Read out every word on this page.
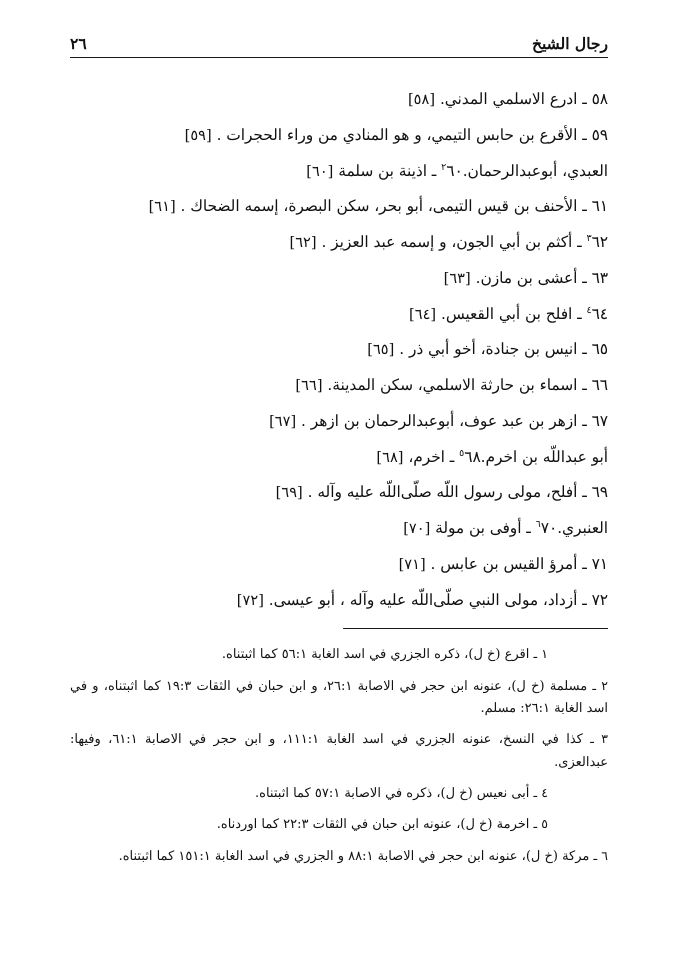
رجال الشيخ
٢٦
٥٨ ـ ادرع الاسلمي المدني. [٥٨]
٥٩ ـ الأقرع بن حابس التيمي، و هو المنادي من وراء الحجرات . [٥٩]
العبدي، أبوعبدالرحمان.$^٢$٦٠ ـ اذينة بن سلمة [٦٠]
٦١ ـ الأحنف بن قيس التيمى، أبو بحر، سكن البصرة، إسمه الضحاك . [٦١]
$^٣$٦٢ ـ أكثم بن أبي الجون، و إسمه عبد العزيز . [٦٢]
٦٣ ـ أعشى بن مازن. [٦٣]
$^٤$٦٤ ـ افلح بن أبي القعيس. [٦٤]
٦٥ ـ انيس بن جنادة، أخو أبي ذر . [٦٥]
٦٦ ـ اسماء بن حارثة الاسلمي، سكن المدينة. [٦٦]
٦٧ ـ ازهر بن عبد عوف، أبوعبدالرحمان بن ازهر . [٦٧]
أبو عبداللّه بن اخرم.$^٥$٦٨ ـ اخرم، [٦٨]
٦٩ ـ أفلح، مولى رسول اللّه صلّى‌اللّه عليه وآله . [٦٩]
العنبري.$^٦$٧٠ ـ أوفى بن مولة [٧٠]
٧١ ـ أمرؤ القيس بن عابس . [٧١]
٧٢ ـ أزداد، مولى النبي صلّى‌اللّه عليه وآله ، أبو عيسى. [٧٢]
١ ـ اقرع (خ ل)، ذكره الجزري في اسد الغابة ٥٦:١ كما اثبتناه.
٢ ـ مسلمة (خ ل)، عنونه ابن حجر في الاصابة ٢٦:١، و ابن حبان في الثقات ١٩:٣ كما اثبتناه، و في اسد الغابة ٢٦:١: مسلم.
٣ ـ كذا في النسخ، عنونه الجزري في اسد الغابة ١١١:١، و ابن حجر في الاصابة ٦١:١، وفيها: عبدالعزى.
٤ ـ أبى نعيس (خ ل)، ذكره في الاصابة ٥٧:١ كما اثبتناه.
٥ ـ اخرمة (خ ل)، عنونه ابن حبان في الثقات ٢٢:٣ كما اوردناه.
٦ ـ مركة (خ ل)، عنونه ابن حجر في الاصابة ٨٨:١ و الجزري في اسد الغابة ١٥١:١ كما اثبتناه.
